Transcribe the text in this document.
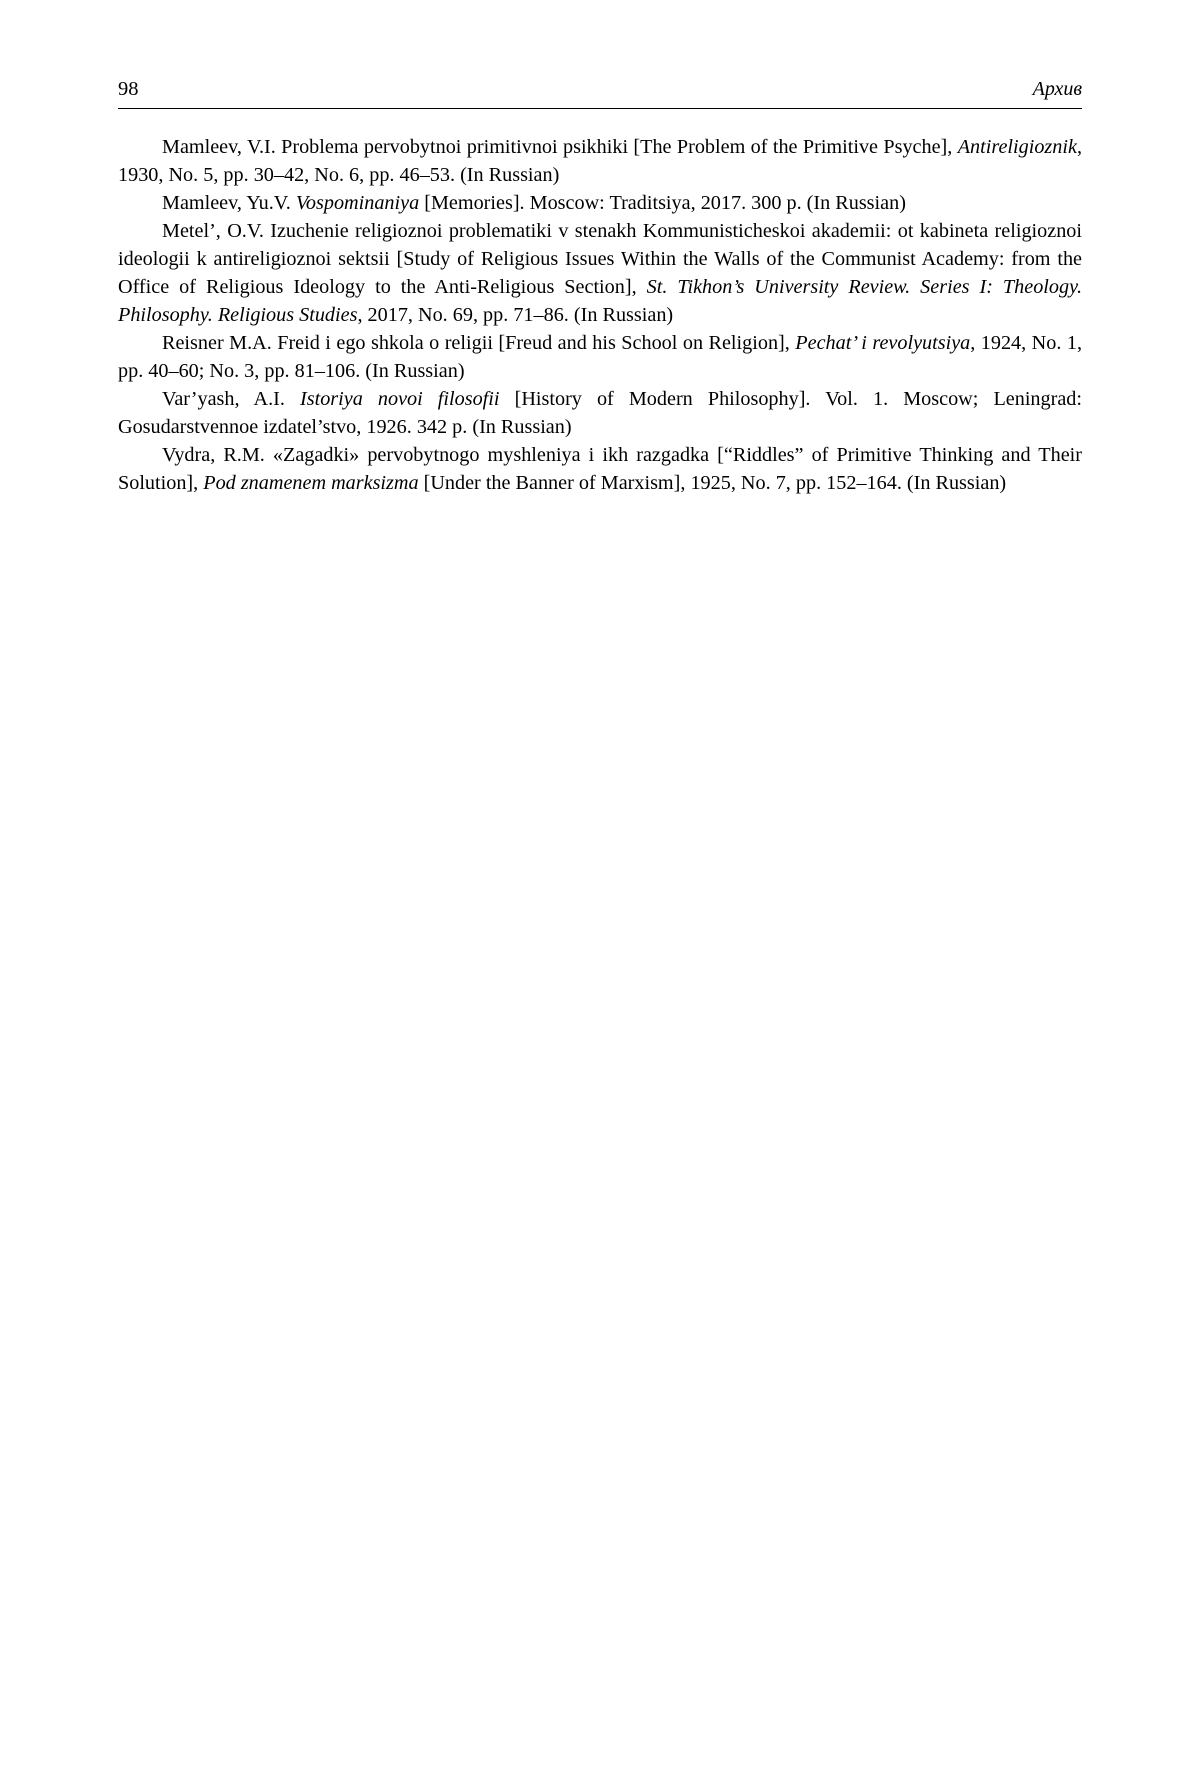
98	Архив

Mamleev, V.I. Problema pervobytnoi primitivnoi psikhiki [The Problem of the Primitive Psyche], Antireligioznik, 1930, No. 5, pp. 30–42, No. 6, pp. 46–53. (In Russian)

Mamleev, Yu.V. Vospominaniya [Memories]. Moscow: Traditsiya, 2017. 300 p. (In Russian)

Metel’, O.V. Izuchenie religioznoi problematiki v stenakh Kommunisticheskoi akademii: ot kabineta religioznoi ideologii k antireligioznoi sektsii [Study of Religious Issues Within the Walls of the Communist Academy: from the Office of Religious Ideology to the Anti-Religious Section], St. Tikhon’s University Review. Series I: Theology. Philosophy. Religious Studies, 2017, No. 69, pp. 71–86. (In Russian)

Reisner M.A. Freid i ego shkola o religii [Freud and his School on Religion], Pechat’ i revolyutsiya, 1924, No. 1, pp. 40–60; No. 3, pp. 81–106. (In Russian)

Var’yash, A.I. Istoriya novoi filosofii [History of Modern Philosophy]. Vol. 1. Moscow; Leningrad: Gosudarstvennoe izdatel’stvo, 1926. 342 p. (In Russian)

Vydra, R.M. «Zagadki» pervobytnogo myshleniya i ikh razgadka [“Riddles” of Primitive Thinking and Their Solution], Pod znamenem marksizma [Under the Banner of Marxism], 1925, No. 7, pp. 152–164. (In Russian)
